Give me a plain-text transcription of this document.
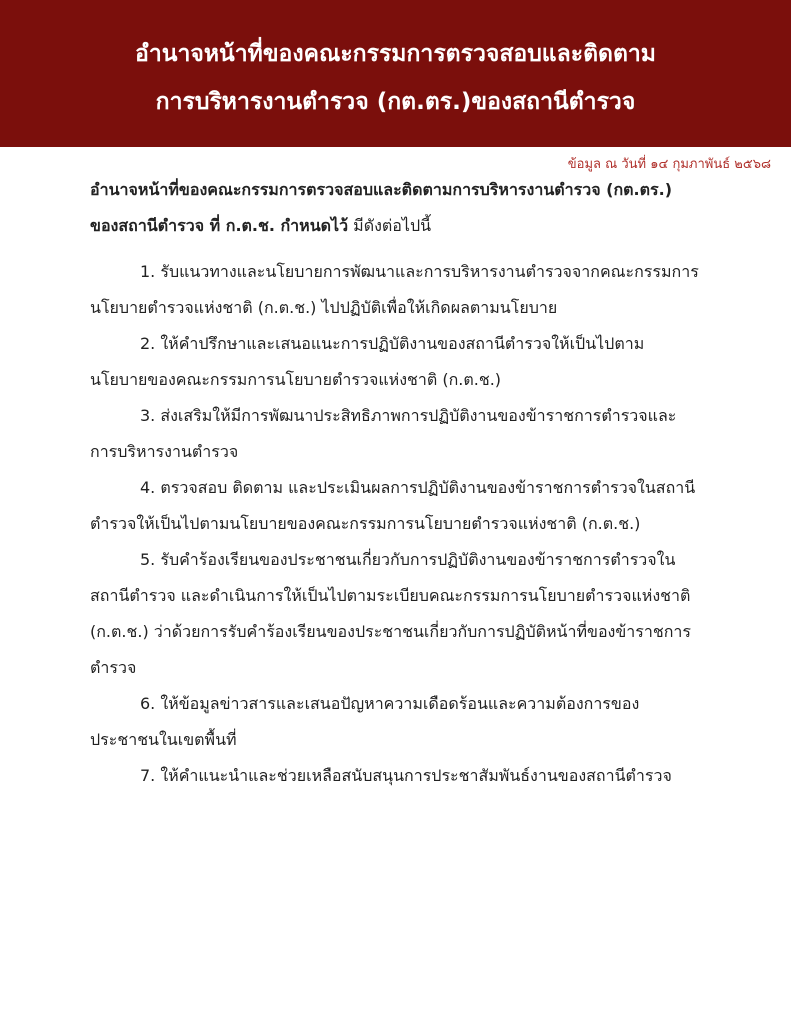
อำนาจหน้าที่ของคณะกรรมการตรวจสอบและติดตาม
การบริหารงานตำรวจ (กต.ตร.)ของสถานีตำรวจ
ข้อมูล ณ วันที่ ๑๔ กุมภาพันธ์ ๒๕๖๘

อำนาจหน้าที่ของคณะกรรมการตรวจสอบและติดตามการบริหารงานตำรวจ (กต.ตร.) ของสถานีตำรวจ ที่ ก.ต.ช. กำหนดไว้ มีดังต่อไปนี้

1. รับแนวทางและนโยบายการพัฒนาและการบริหารงานตำรวจจากคณะกรรมการนโยบายตำรวจแห่งชาติ (ก.ต.ช.) ไปปฏิบัติเพื่อให้เกิดผลตามนโยบาย

2. ให้คำปรึกษาและเสนอแนะการปฏิบัติงานของสถานีตำรวจให้เป็นไปตามนโยบายของคณะกรรมการนโยบายตำรวจแห่งชาติ (ก.ต.ช.)

3. ส่งเสริมให้มีการพัฒนาประสิทธิภาพการปฏิบัติงานของข้าราชการตำรวจและการบริหารงานตำรวจ

4. ตรวจสอบ ติดตาม และประเมินผลการปฏิบัติงานของข้าราชการตำรวจในสถานีตำรวจให้เป็นไปตามนโยบายของคณะกรรมการนโยบายตำรวจแห่งชาติ (ก.ต.ช.)

5. รับคำร้องเรียนของประชาชนเกี่ยวกับการปฏิบัติงานของข้าราชการตำรวจในสถานีตำรวจ และดำเนินการให้เป็นไปตามระเบียบคณะกรรมการนโยบายตำรวจแห่งชาติ (ก.ต.ช.) ว่าด้วยการรับคำร้องเรียนของประชาชนเกี่ยวกับการปฏิบัติหน้าที่ของข้าราชการตำรวจ

6. ให้ข้อมูลข่าวสารและเสนอปัญหาความเดือดร้อนและความต้องการของประชาชนในเขตพื้นที่

7. ให้คำแนะนำและช่วยเหลือสนับสนุนการประชาสัมพันธ์งานของสถานีตำรวจ
